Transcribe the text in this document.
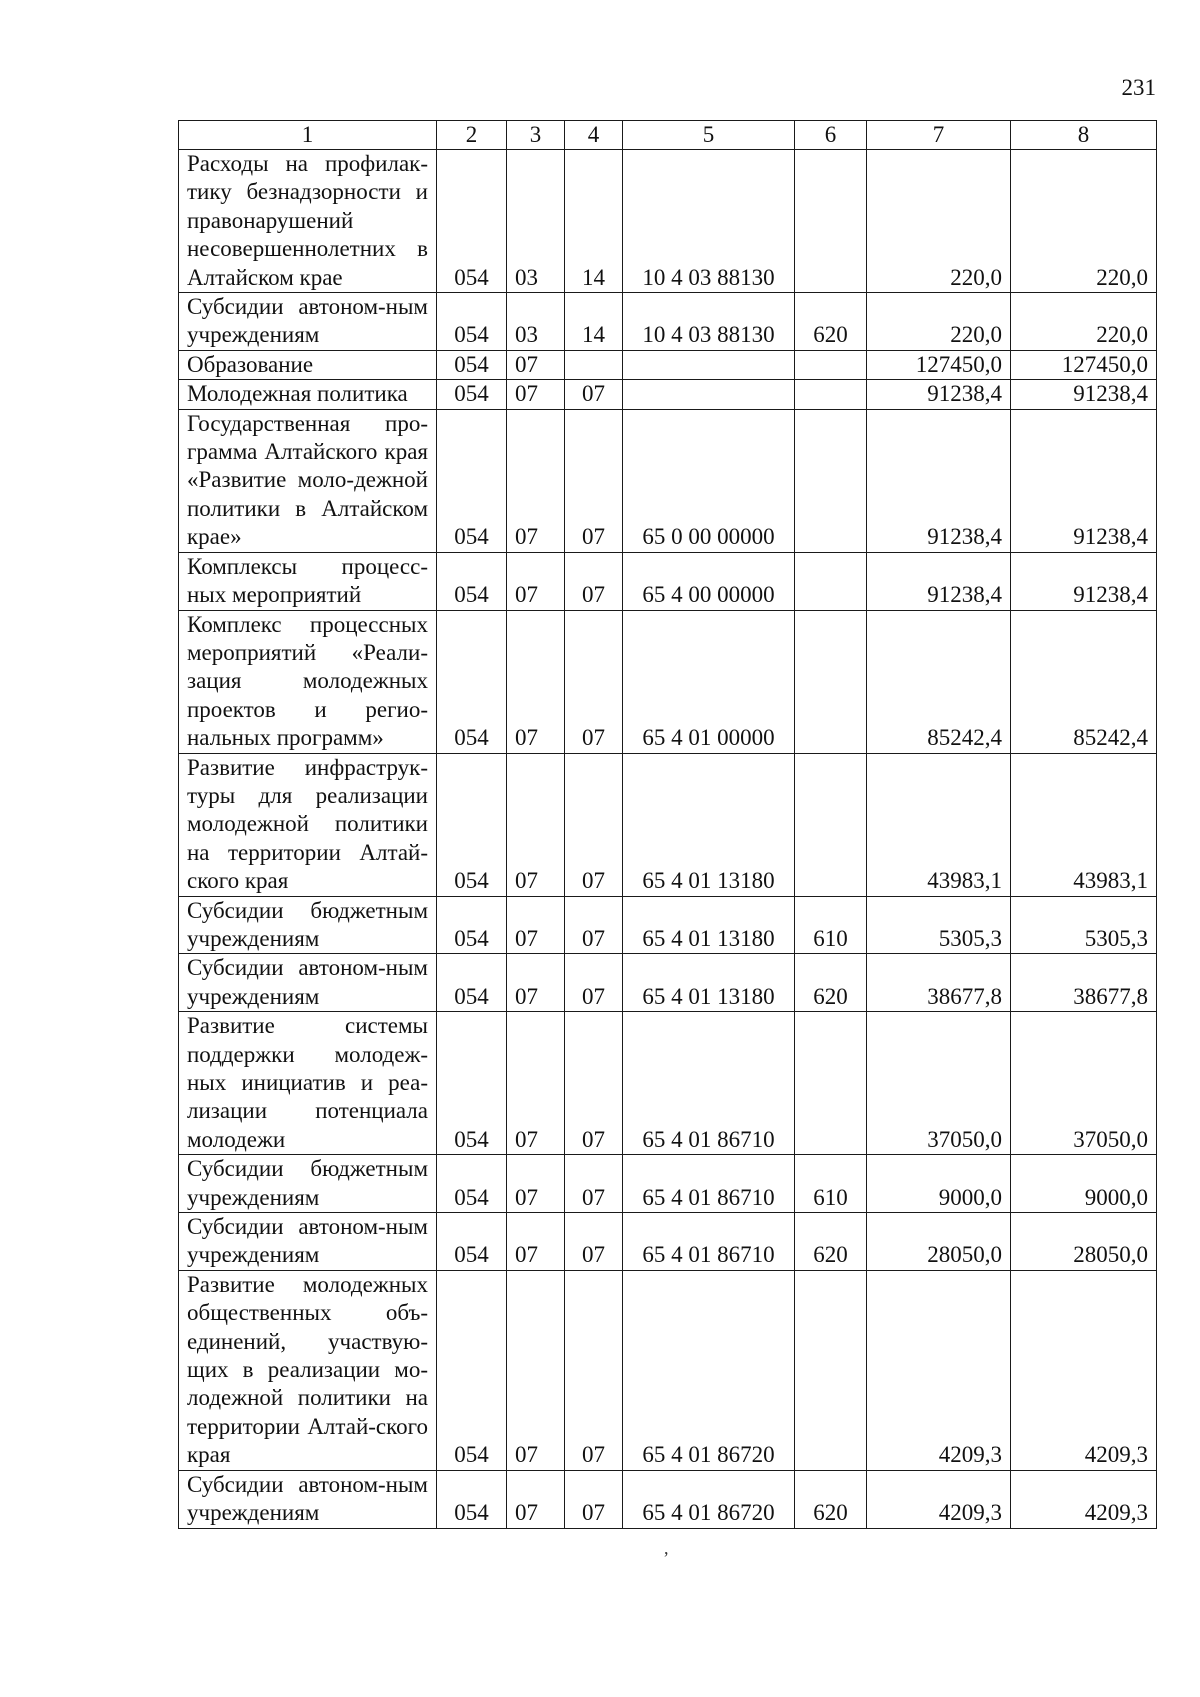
231
1	2	3	4	5	6	7	8
Расходы на профилак-тику безнадзорности и правонарушений несовершеннолетних в Алтайском крае	054	03	14	10 4 03 88130		220,0	220,0
Субсидии автоном-ным учреждениям	054	03	14	10 4 03 88130	620	220,0	220,0
Образование	054	07				127450,0	127450,0
Молодежная политика	054	07	07			91238,4	91238,4
Государственная про-грамма Алтайского края «Развитие моло-дежной политики в Алтайском крае»	054	07	07	65 0 00 00000		91238,4	91238,4
Комплексы процесс-ных мероприятий	054	07	07	65 4 00 00000		91238,4	91238,4
Комплекс процессных мероприятий «Реали-зация молодежных проектов и регио-нальных программ»	054	07	07	65 4 01 00000		85242,4	85242,4
Развитие инфраструк-туры для реализации молодежной политики на территории Алтай-ского края	054	07	07	65 4 01 13180		43983,1	43983,1
Субсидии бюджетным учреждениям	054	07	07	65 4 01 13180	610	5305,3	5305,3
Субсидии автоном-ным учреждениям	054	07	07	65 4 01 13180	620	38677,8	38677,8
Развитие системы поддержки молодеж-ных инициатив и реа-лизации потенциала молодежи	054	07	07	65 4 01 86710		37050,0	37050,0
Субсидии бюджетным учреждениям	054	07	07	65 4 01 86710	610	9000,0	9000,0
Субсидии автоном-ным учреждениям	054	07	07	65 4 01 86710	620	28050,0	28050,0
Развитие молодежных общественных объ-единений, участвую-щих в реализации мо-лодежной политики на территории Алтай-ского края	054	07	07	65 4 01 86720		4209,3	4209,3
Субсидии автоном-ным учреждениям	054	07	07	65 4 01 86720	620	4209,3	4209,3
,
